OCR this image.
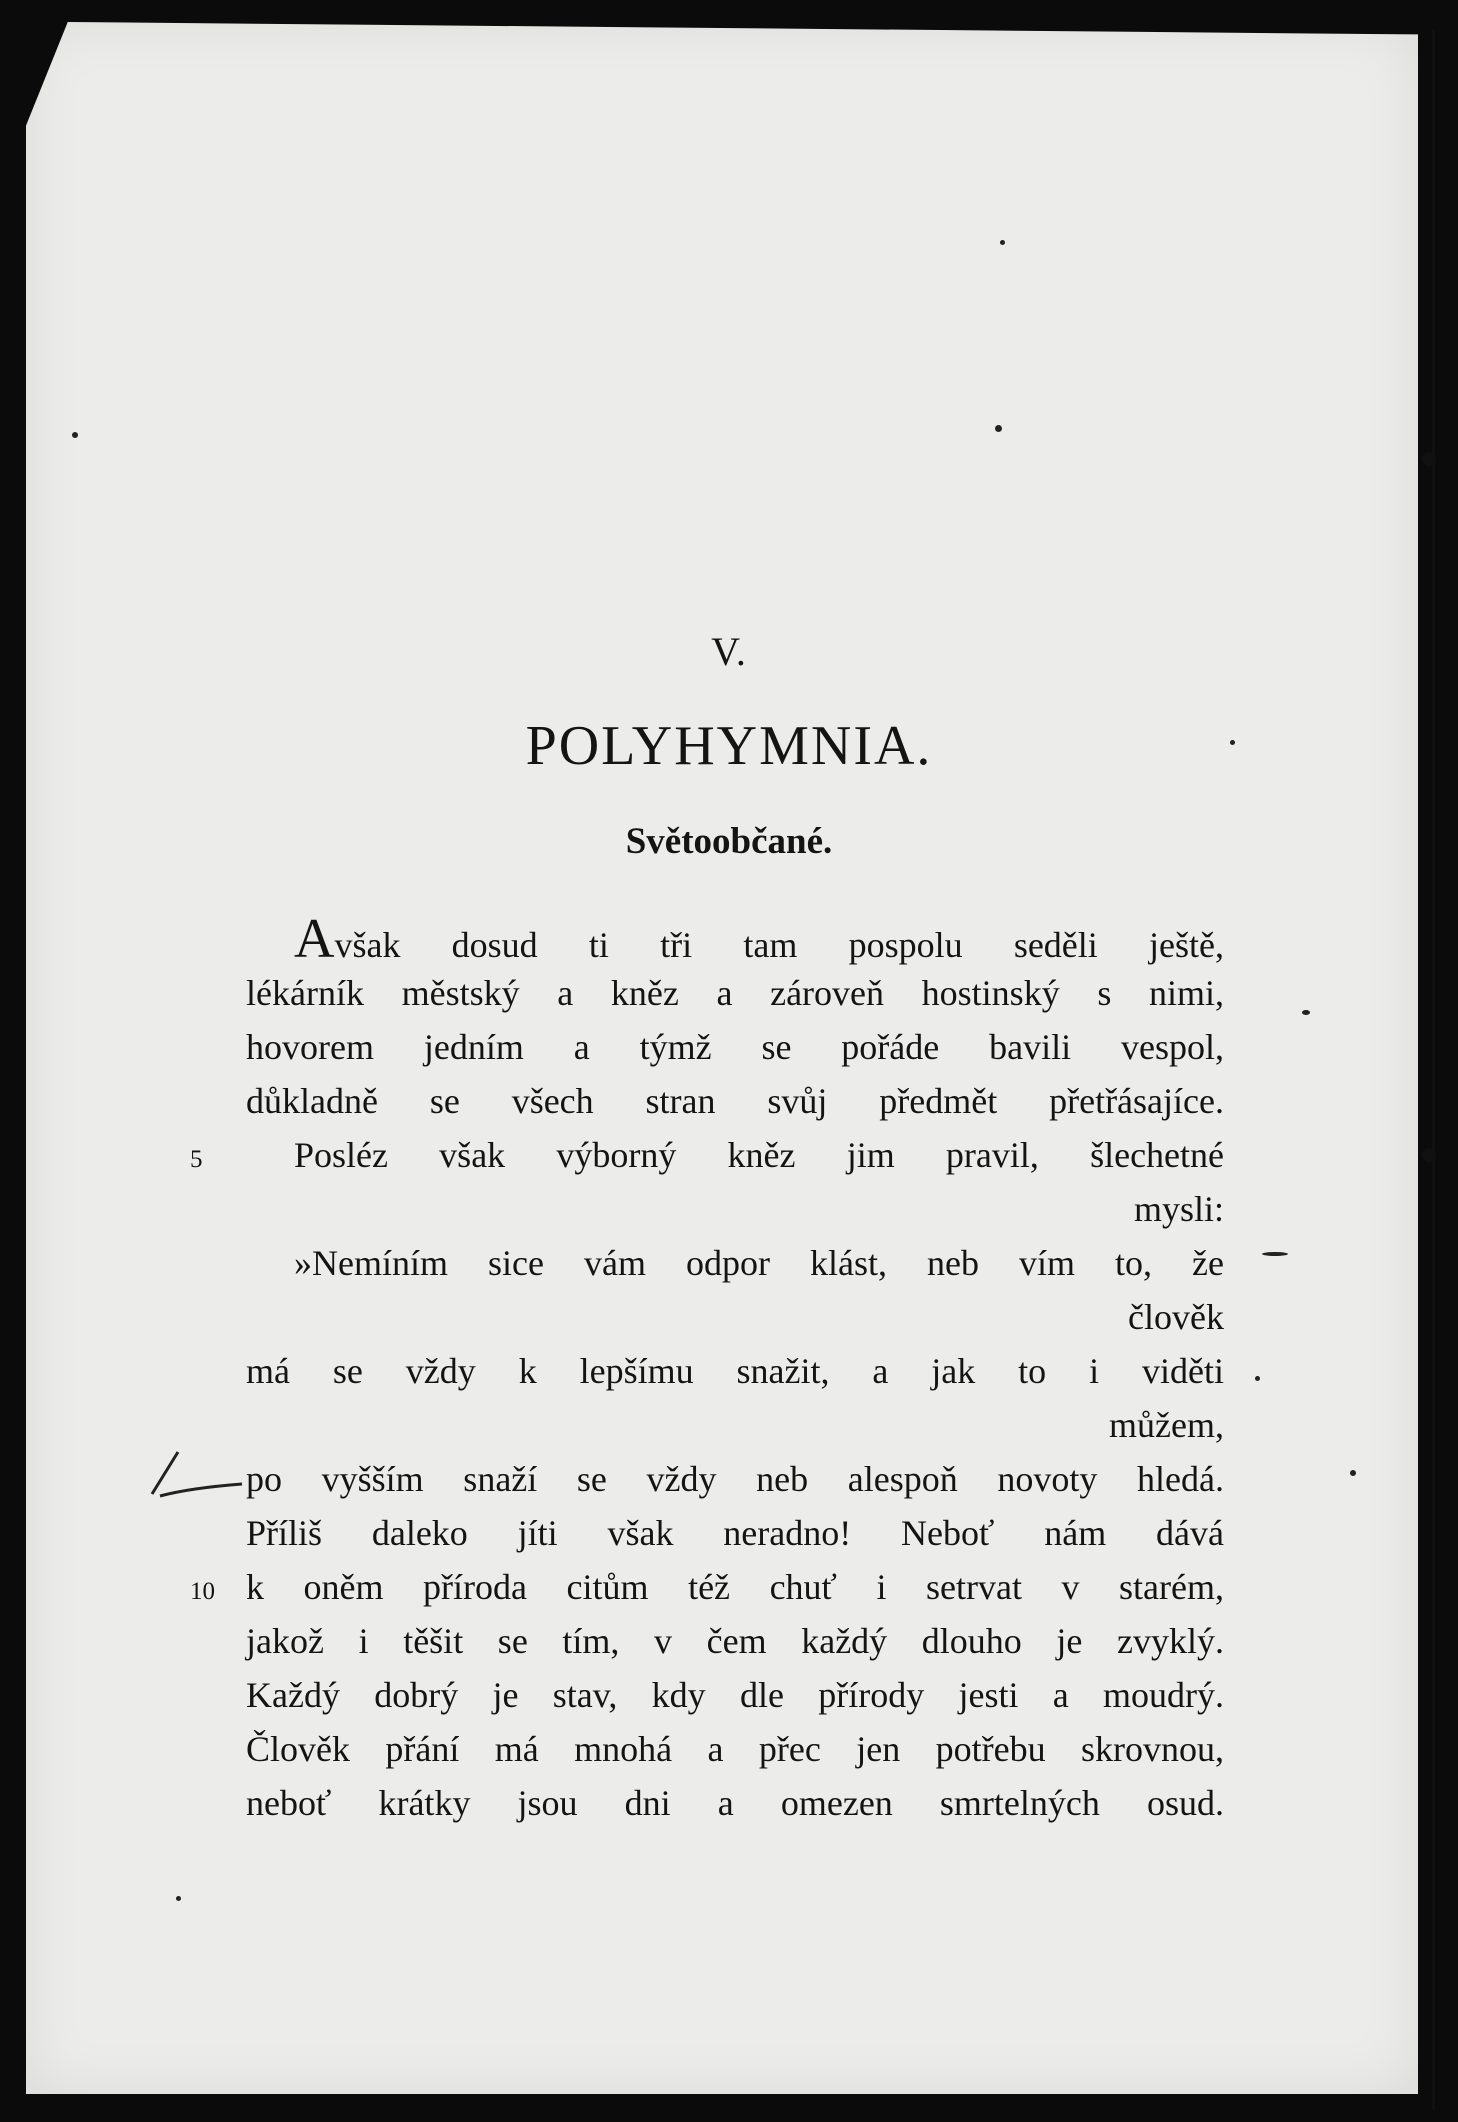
V.
POLYHYMNIA.
Světoobčané.
Avšak dosud ti tři tam pospolu seděli ještě,
lékárník městský a kněz a zároveň hostinský s nimi,
hovorem jedním a týmž se pořáde bavili vespol,
důkladně se všech stran svůj předmět přetřásajíce.
Posléz však výborný kněz jim pravil, šlechetné
mysli:
»Nemíním sice vám odpor klást, neb vím to, že
člověk
má se vždy k lepšímu snažit, a jak to i viděti
můžem,
po vyšším snaží se vždy neb alespoň novoty hledá.
Příliš daleko jíti však neradno! Neboť nám dává
k oněm příroda citům též chuť i setrvat v starém,
jakož i těšit se tím, v čem každý dlouho je zvyklý.
Každý dobrý je stav, kdy dle přírody jesti a moudrý.
Člověk přání má mnohá a přec jen potřebu skrovnou,
neboť krátky jsou dni a omezen smrtelných osud.
5
10
